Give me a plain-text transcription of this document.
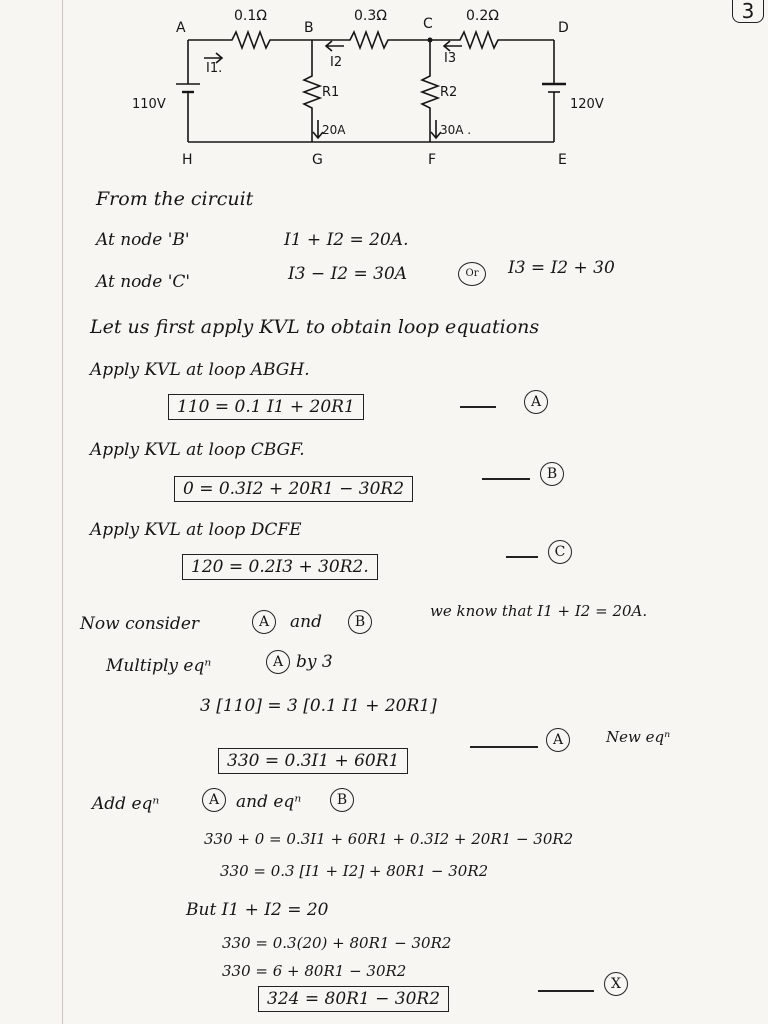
3
A	B	C	D
H	G	F	E
0.1Ω	0.3Ω	0.2Ω
I1.	I2	I3
R1	R2
20A	30A .
110V	120V
From the circuit
At node 'B'	I1 + I2 = 20A.
At node 'C'	I3 − I2 = 30A	Or	I3 = I2 + 30
Let us first apply KVL to obtain loop equations
Apply KVL at loop ABGH.
110 = 0.1 I1 + 20R1	A
Apply KVL at loop CBGF.
0 = 0.3I2 + 20R1 − 30R2
B
Apply KVL at loop DCFE
120 = 0.2I3 + 30R2.
C
Now consider	A	and	B
we know that I1 + I2 = 20A.
Multiply eqⁿ	A by 3
3 [110] = 3 [0.1 I1 + 20R1]
330 = 0.3I1 + 60R1
A	New eqⁿ
Add eqⁿ	A and eqⁿ	B
330 + 0 = 0.3I1 + 60R1 + 0.3I2 + 20R1 − 30R2
330 = 0.3 [I1 + I2] + 80R1 − 30R2
But I1 + I2 = 20
330 = 0.3(20) + 80R1 − 30R2
330 = 6 + 80R1 − 30R2
324 = 80R1 − 30R2
X
